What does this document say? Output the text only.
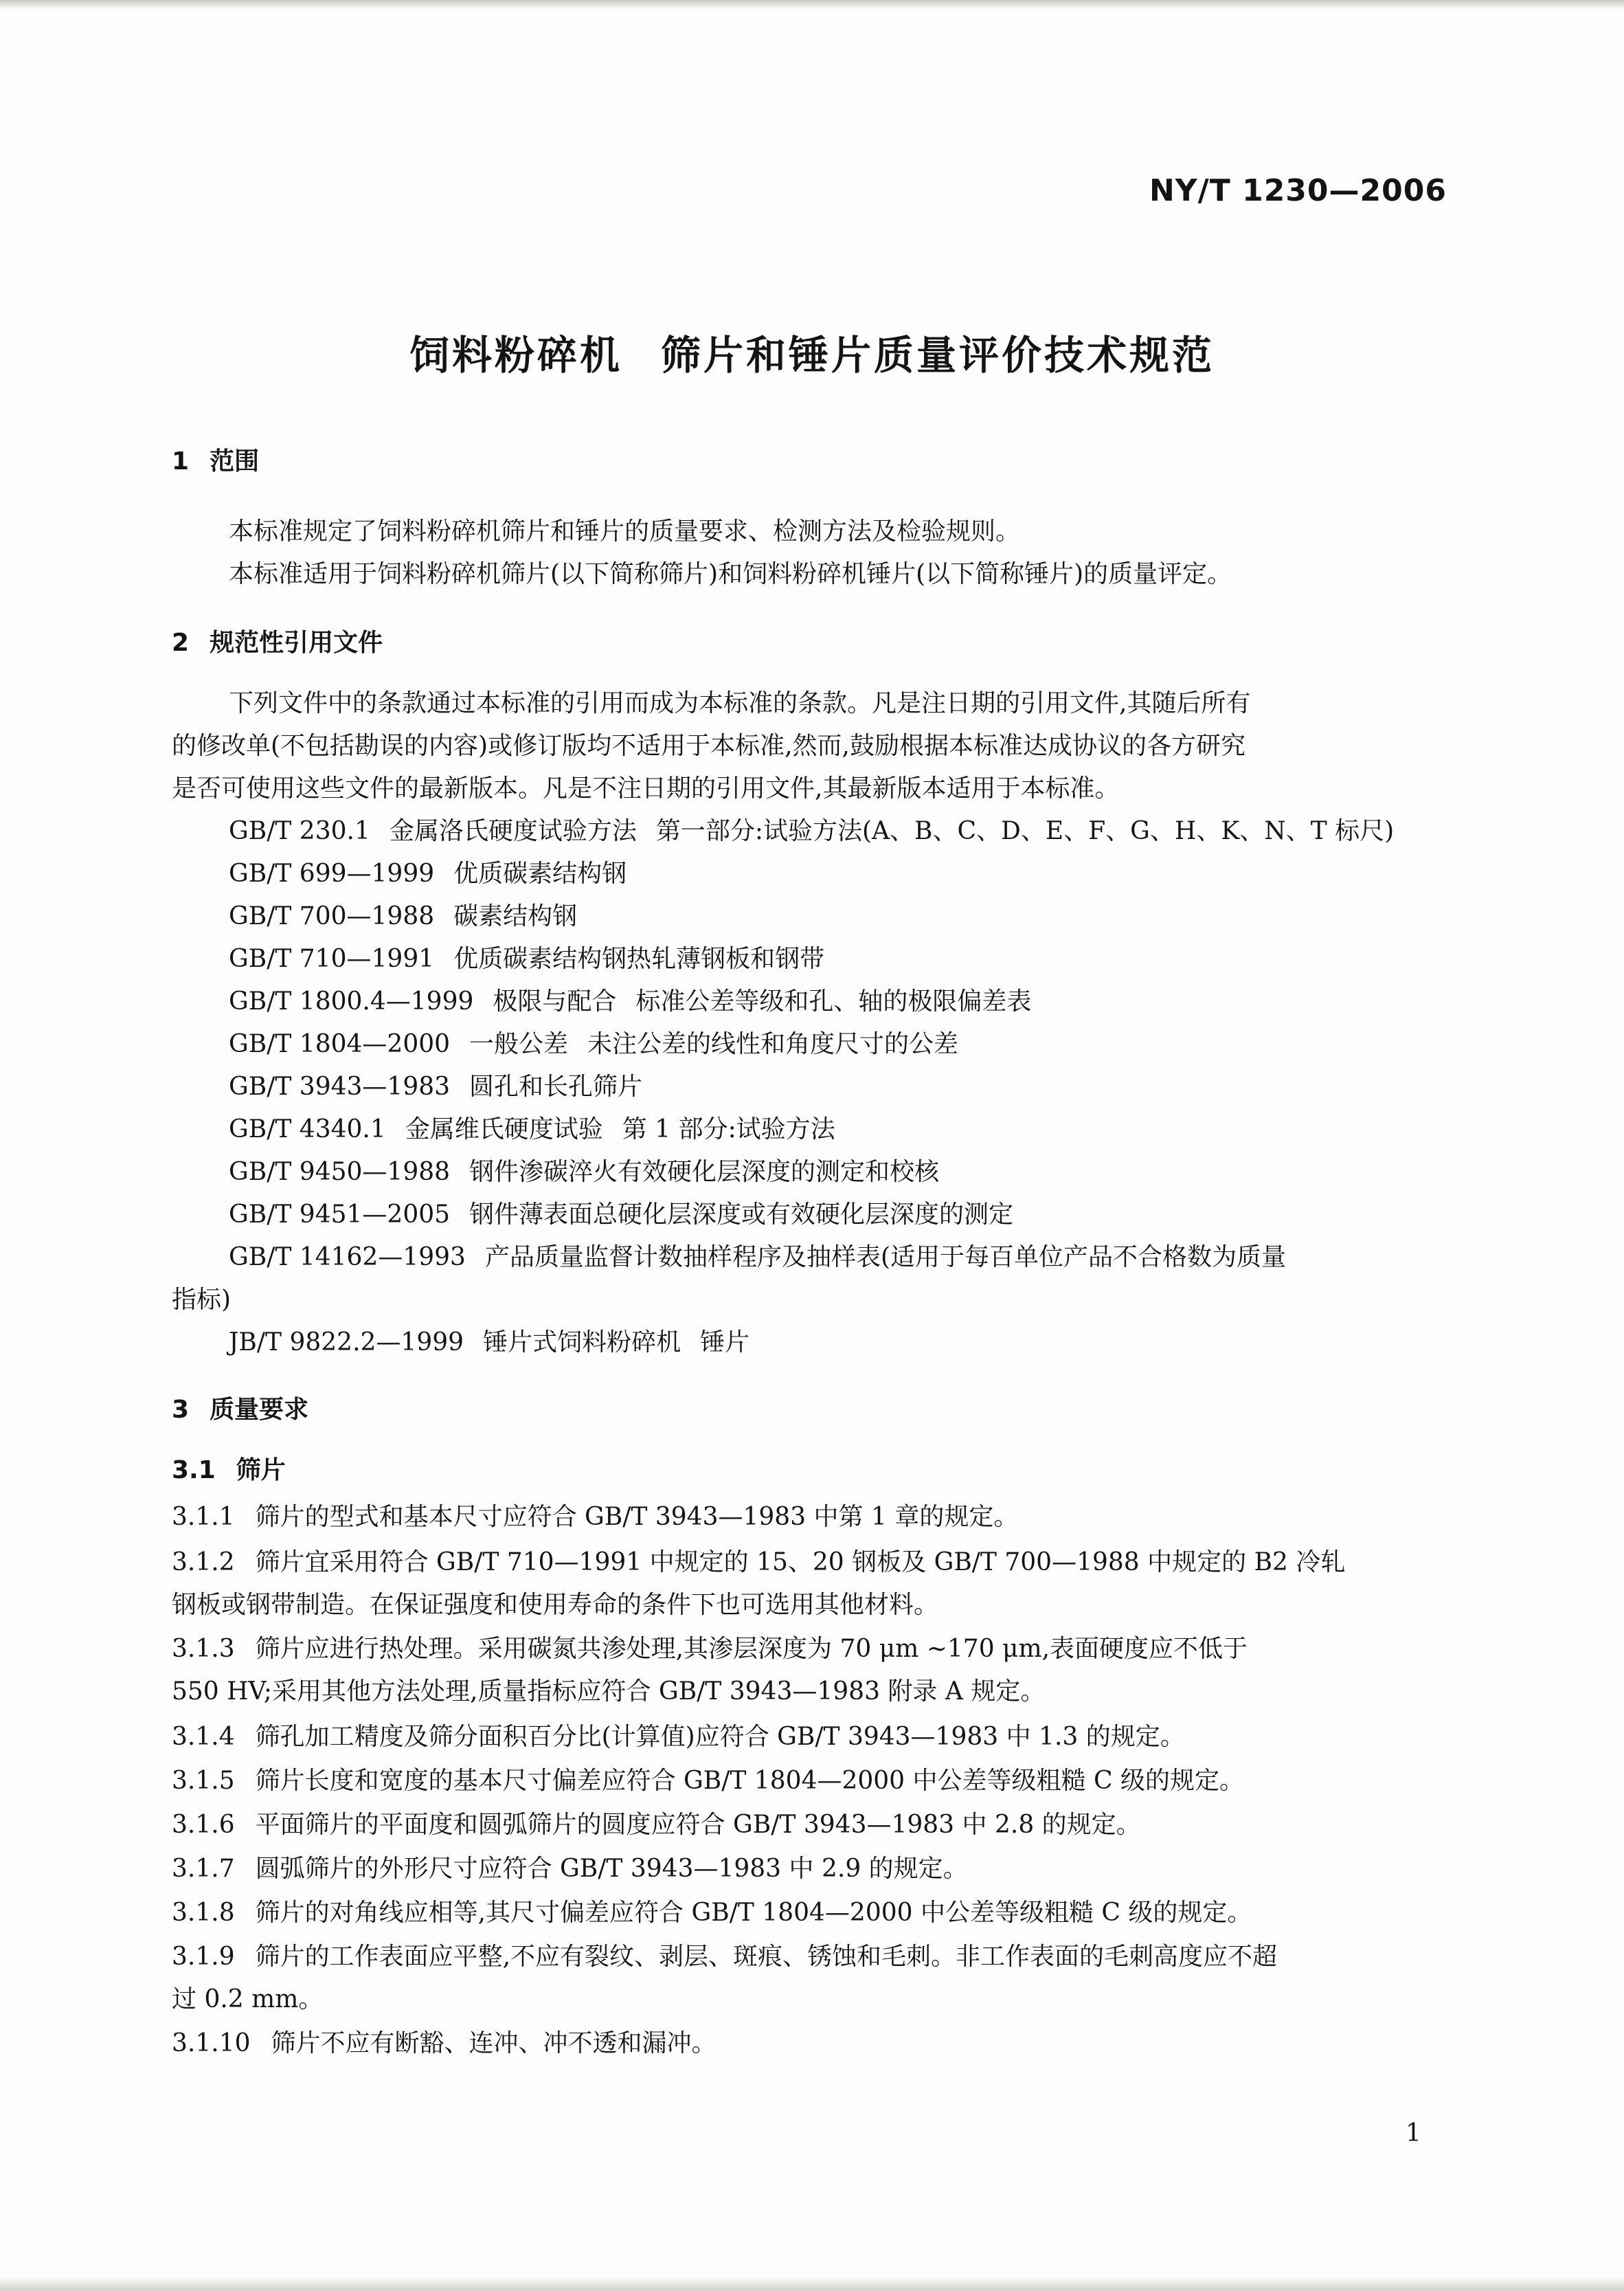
NY/T 1230—2006
饲料粉碎机 筛片和锤片质量评价技术规范
1 范围
本标准规定了饲料粉碎机筛片和锤片的质量要求、检测方法及检验规则。
本标准适用于饲料粉碎机筛片(以下简称筛片)和饲料粉碎机锤片(以下简称锤片)的质量评定。
2 规范性引用文件
下列文件中的条款通过本标准的引用而成为本标准的条款。凡是注日期的引用文件,其随后所有
的修改单(不包括勘误的内容)或修订版均不适用于本标准,然而,鼓励根据本标准达成协议的各方研究
是否可使用这些文件的最新版本。凡是不注日期的引用文件,其最新版本适用于本标准。
GB/T 230.1 金属洛氏硬度试验方法 第一部分:试验方法(A、B、C、D、E、F、G、H、K、N、T 标尺)
GB/T 699—1999 优质碳素结构钢
GB/T 700—1988 碳素结构钢
GB/T 710—1991 优质碳素结构钢热轧薄钢板和钢带
GB/T 1800.4—1999 极限与配合 标准公差等级和孔、轴的极限偏差表
GB/T 1804—2000 一般公差 未注公差的线性和角度尺寸的公差
GB/T 3943—1983 圆孔和长孔筛片
GB/T 4340.1 金属维氏硬度试验 第 1 部分:试验方法
GB/T 9450—1988 钢件渗碳淬火有效硬化层深度的测定和校核
GB/T 9451—2005 钢件薄表面总硬化层深度或有效硬化层深度的测定
GB/T 14162—1993 产品质量监督计数抽样程序及抽样表(适用于每百单位产品不合格数为质量
指标)
JB/T 9822.2—1999 锤片式饲料粉碎机 锤片
3 质量要求
3.1 筛片
3.1.1 筛片的型式和基本尺寸应符合 GB/T 3943—1983 中第 1 章的规定。
3.1.2 筛片宜采用符合 GB/T 710—1991 中规定的 15、20 钢板及 GB/T 700—1988 中规定的 B2 冷轧
钢板或钢带制造。在保证强度和使用寿命的条件下也可选用其他材料。
3.1.3 筛片应进行热处理。采用碳氮共渗处理,其渗层深度为 70 μm ~170 μm,表面硬度应不低于
550 HV;采用其他方法处理,质量指标应符合 GB/T 3943—1983 附录 A 规定。
3.1.4 筛孔加工精度及筛分面积百分比(计算值)应符合 GB/T 3943—1983 中 1.3 的规定。
3.1.5 筛片长度和宽度的基本尺寸偏差应符合 GB/T 1804—2000 中公差等级粗糙 C 级的规定。
3.1.6 平面筛片的平面度和圆弧筛片的圆度应符合 GB/T 3943—1983 中 2.8 的规定。
3.1.7 圆弧筛片的外形尺寸应符合 GB/T 3943—1983 中 2.9 的规定。
3.1.8 筛片的对角线应相等,其尺寸偏差应符合 GB/T 1804—2000 中公差等级粗糙 C 级的规定。
3.1.9 筛片的工作表面应平整,不应有裂纹、剥层、斑痕、锈蚀和毛刺。非工作表面的毛刺高度应不超
过 0.2 mm。
3.1.10 筛片不应有断豁、连冲、冲不透和漏冲。
1
